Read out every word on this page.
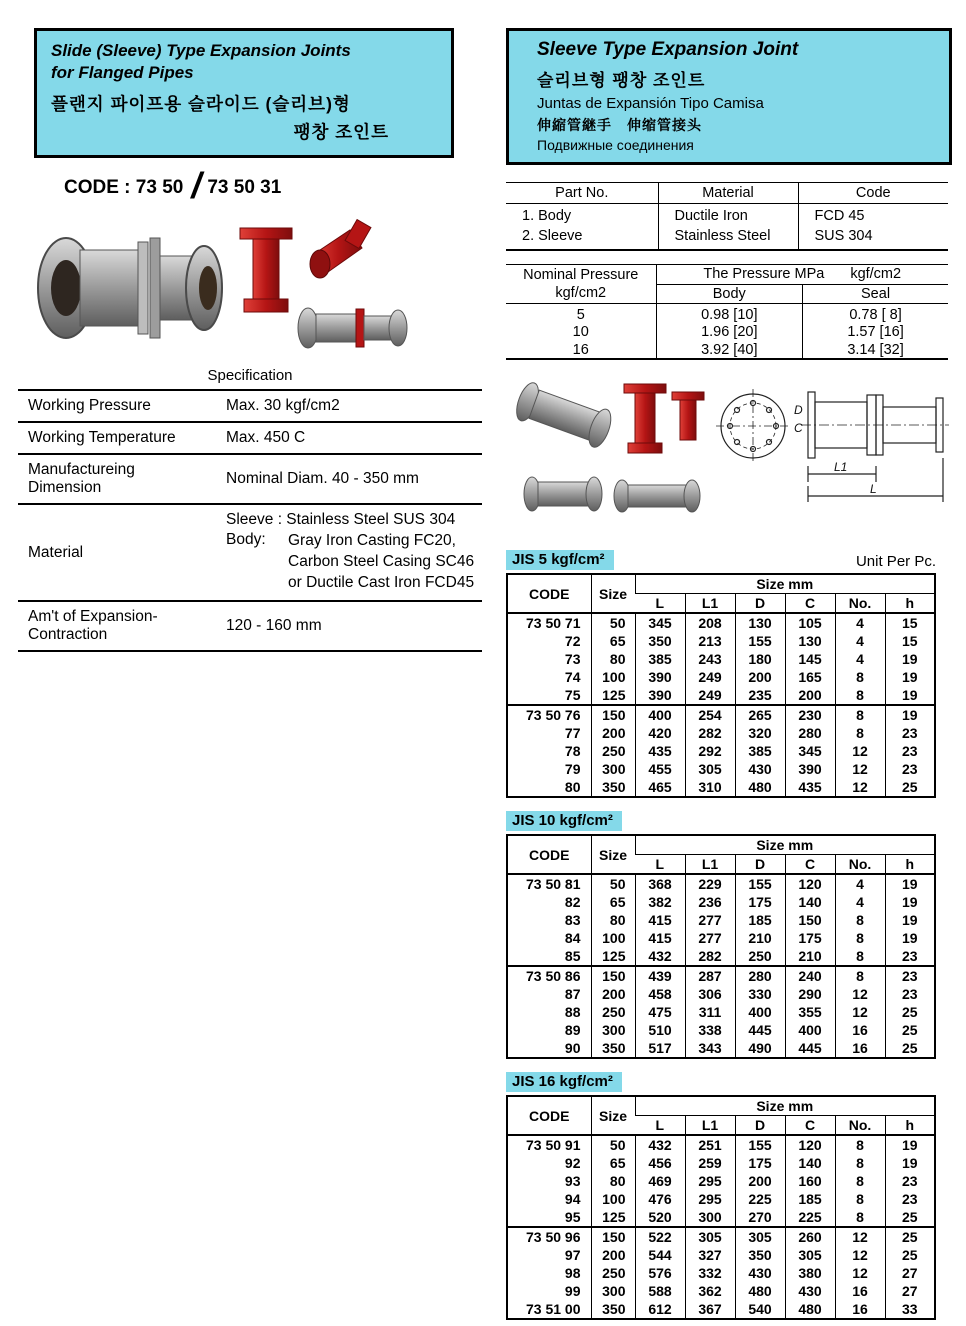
Slide (Sleeve) Type Expansion Joints
for Flanged Pipes
플랜지 파이프용 슬라이드 (슬리브)형
팽창 조인트
CODE : 73 50 / 73 50 31
Specification
Working Pressure	Max. 30 kgf/cm2
Working Temperature	Max. 450 C

Manufactureing
Dimension	Nominal Diam. 40 - 350 mm
Material	Sleeve : Stainless Steel SUS 304
Body: Gray Iron Casting FC20,
Carbon Steel Casing SC46
or Ductile Cast Iron FCD45

Am't of Expansion-
Contraction	120 - 160 mm
Sleeve Type Expansion Joint
슬리브형 팽창 조인트
Juntas de Expansión Tipo Camisa
伸縮管継手　伸缩管接头
Подвижные соединения
Part No.	Material	Code
1. Body	Ductile Iron	FCD 45
2. Sleeve	Stainless Steel	SUS 304
Nominal Pressure
kgf/cm2	The Pressure MPa kgf/cm2	
	Body	Seal
5	0.98 [10]	0.78 [ 8]
10	1.96 [20]	1.57 [16]
16	3.92 [40]	3.14 [32]
D
C
L1
L
JIS 5 kgf/cm²	Unit Per Pc.
CODE	Size	Size mm					
		L	L1	D	C	No.	h
73 50 71	50	345	208	130	105	4	15
72	65	350	213	155	130	4	15
73	80	385	243	180	145	4	19
74	100	390	249	200	165	8	19
75	125	390	249	235	200	8	19
73 50 76	150	400	254	265	230	8	19
77	200	420	282	320	280	8	23
78	250	435	292	385	345	12	23
79	300	455	305	430	390	12	23
80	350	465	310	480	435	12	25
JIS 10 kgf/cm²
CODE	Size	Size mm					
		L	L1	D	C	No.	h
73 50 81	50	368	229	155	120	4	19
82	65	382	236	175	140	4	19
83	80	415	277	185	150	8	19
84	100	415	277	210	175	8	19
85	125	432	282	250	210	8	23
73 50 86	150	439	287	280	240	8	23
87	200	458	306	330	290	12	23
88	250	475	311	400	355	12	25
89	300	510	338	445	400	16	25
90	350	517	343	490	445	16	25
JIS 16 kgf/cm²
CODE	Size	Size mm					
		L	L1	D	C	No.	h
73 50 91	50	432	251	155	120	8	19
92	65	456	259	175	140	8	19
93	80	469	295	200	160	8	23
94	100	476	295	225	185	8	23
95	125	520	300	270	225	8	25
73 50 96	150	522	305	305	260	12	25
97	200	544	327	350	305	12	25
98	250	576	332	430	380	12	27
99	300	588	362	480	430	16	27
73 51 00	350	612	367	540	480	16	33
